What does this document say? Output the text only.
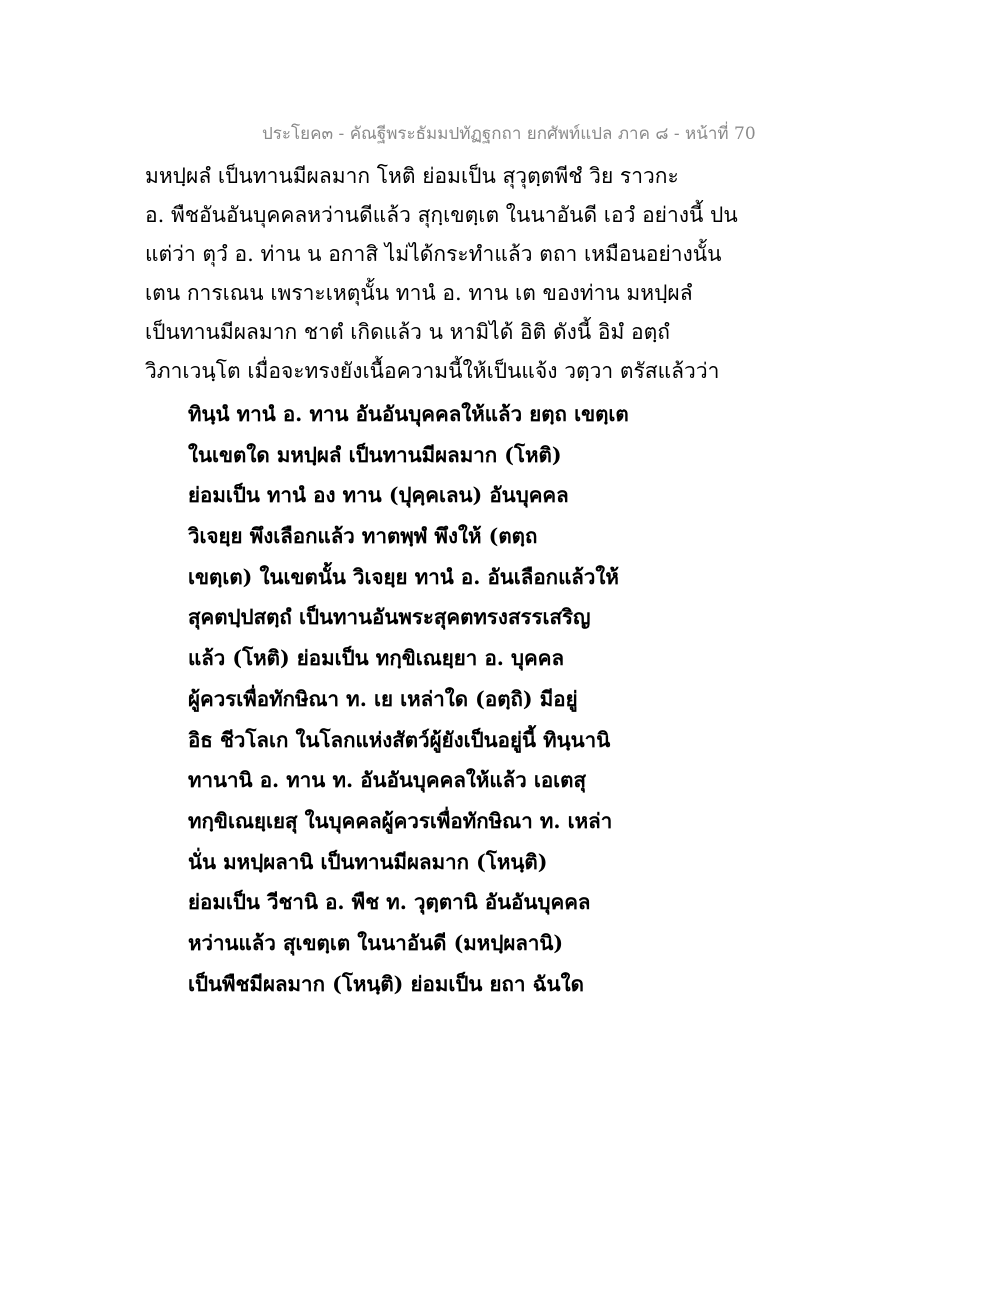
ประโยค๓ - คัณฐีพระธัมมปทัฏฐกถา ยกศัพท์แปล ภาค ๘ - หน้าที่ 70
มหปฺผลํ เป็นทานมีผลมาก โหติ ย่อมเป็น สุวุตฺตพีชํ วิย ราวกะ
อ. พืชอันอันบุคคลหว่านดีแล้ว สุกฺเขตฺเต ในนาอันดี เอวํ อย่างนี้ ปน
แต่ว่า ตุวํ อ. ท่าน น อกาสิ ไม่ได้กระทำแล้ว ตถา เหมือนอย่างนั้น
เตน การเณน เพราะเหตุนั้น ทานํ อ. ทาน เต ของท่าน มหปฺผลํ
เป็นทานมีผลมาก ชาตํ เกิดแล้ว น หามิได้ อิติ ดังนี้ อิมํ อตฺถํ
วิภาเวนฺโต เมื่อจะทรงยังเนื้อความนี้ให้เป็นแจ้ง วตฺวา ตรัสแล้วว่า
ทินฺนํ ทานํ อ. ทาน อันอันบุคคลให้แล้ว ยตฺถ เขตฺเต
ในเขตใด มหปฺผลํ เป็นทานมีผลมาก (โหติ)
ย่อมเป็น ทานํ อง ทาน (ปุคฺคเลน) อันบุคคล
วิเจยฺย พึงเลือกแล้ว ทาตพฺพํ พึงให้ (ตตฺถ
เขตฺเต) ในเขตนั้น วิเจยฺย ทานํ อ. อันเลือกแล้วให้
สุคตปฺปสตฺถํ เป็นทานอันพระสุคตทรงสรรเสริญ
แล้ว (โหติ) ย่อมเป็น ทกฺขิเณยฺยา อ. บุคคล
ผู้ควรเพื่อทักษิณา ท. เย เหล่าใด (อตฺถิ) มีอยู่
อิธ ชีวโลเก ในโลกแห่งสัตว์ผู้ยังเป็นอยู่นี้ ทินฺนานิ
ทานานิ อ. ทาน ท. อันอันบุคคลให้แล้ว เอเตสุ
ทกฺขิเณยฺเยสุ ในบุคคลผู้ควรเพื่อทักษิณา ท. เหล่า
นั่น มหปฺผลานิ เป็นทานมีผลมาก (โหนฺติ)
ย่อมเป็น วีชานิ อ. พืช ท. วุตฺตานิ อันอันบุคคล
หว่านแล้ว สุเขตฺเต ในนาอันดี (มหปฺผลานิ)
เป็นพืชมีผลมาก (โหนฺติ) ย่อมเป็น ยถา ฉันใด
